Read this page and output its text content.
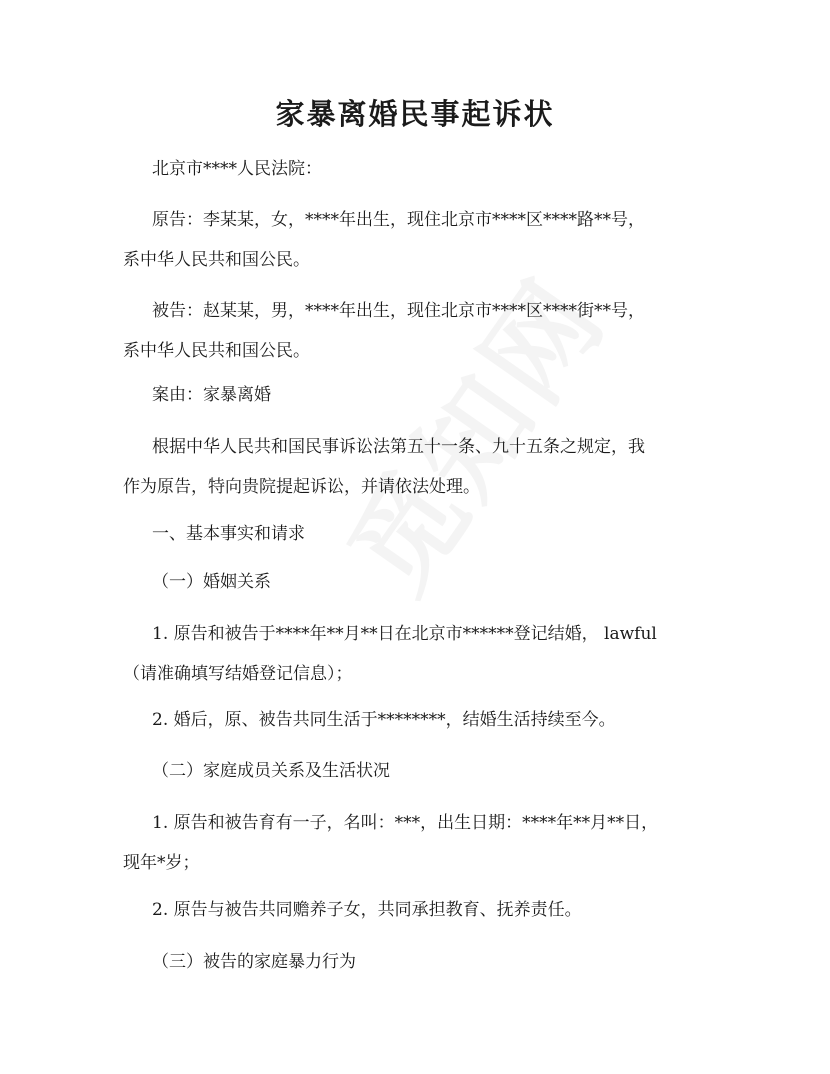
家暴离婚民事起诉状

北京市****人民法院：

原告：李某某，女，****年出生，现住北京市****区****路**号，
系中华人民共和国公民。

被告：赵某某，男，****年出生，现住北京市****区****街**号，
系中华人民共和国公民。

案由：家暴离婚

根据中华人民共和国民事诉讼法第五十一条、九十五条之规定，我
作为原告，特向贵院提起诉讼，并请依法处理。

一、基本事实和请求

（一）婚姻关系

1. 原告和被告于****年**月**日在北京市******登记结婚， lawful
（请准确填写结婚登记信息）；

2. 婚后，原、被告共同生活于********，结婚生活持续至今。

（二）家庭成员关系及生活状况

1. 原告和被告育有一子，名叫：***，出生日期：****年**月**日，
现年*岁；

2. 原告与被告共同赡养子女，共同承担教育、抚养责任。

（三）被告的家庭暴力行为
